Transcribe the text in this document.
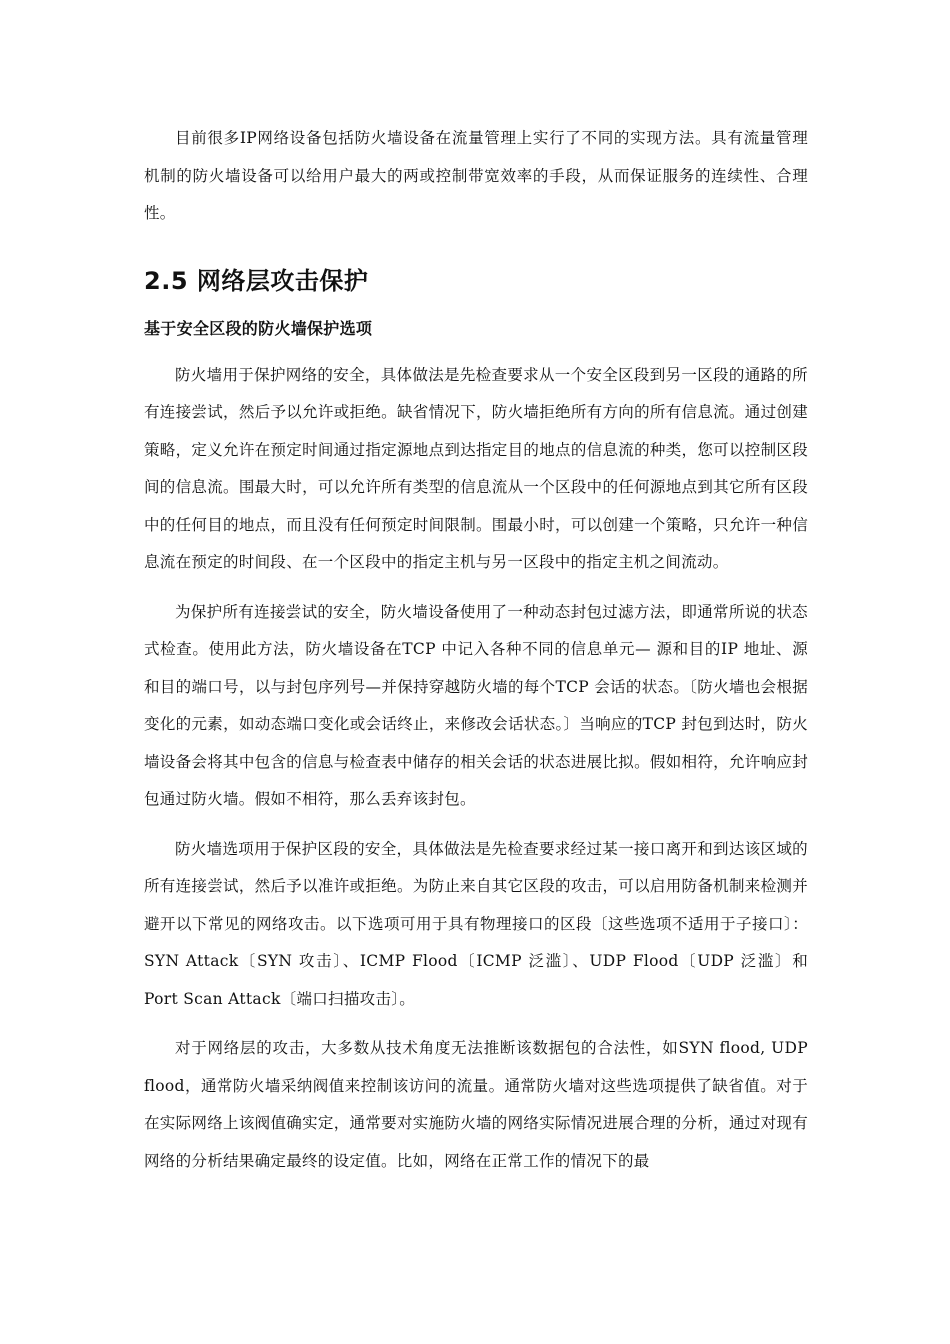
目前很多IP网络设备包括防火墙设备在流量管理上实行了不同的实现方法。具有流量管理机制的防火墙设备可以给用户最大的两或控制带宽效率的手段，从而保证服务的连续性、合理性。

2.5 网络层攻击保护
基于安全区段的防火墙保护选项

防火墙用于保护网络的安全，具体做法是先检查要求从一个安全区段到另一区段的通路的所有连接尝试，然后予以允许或拒绝。缺省情况下，防火墙拒绝所有方向的所有信息流。通过创建策略，定义允许在预定时间通过指定源地点到达指定目的地点的信息流的种类，您可以控制区段间的信息流。围最大时，可以允许所有类型的信息流从一个区段中的任何源地点到其它所有区段中的任何目的地点，而且没有任何预定时间限制。围最小时，可以创建一个策略，只允许一种信息流在预定的时间段、在一个区段中的指定主机与另一区段中的指定主机之间流动。

为保护所有连接尝试的安全，防火墙设备使用了一种动态封包过滤方法，即通常所说的状态式检查。使用此方法，防火墙设备在TCP 中记入各种不同的信息单元— 源和目的IP 地址、源和目的端口号，以与封包序列号—并保持穿越防火墙的每个TCP 会话的状态。〔防火墙也会根据变化的元素，如动态端口变化或会话终止，来修改会话状态。〕当响应的TCP 封包到达时，防火墙设备会将其中包含的信息与检查表中储存的相关会话的状态进展比拟。假如相符，允许响应封包通过防火墙。假如不相符，那么丢弃该封包。

防火墙选项用于保护区段的安全，具体做法是先检查要求经过某一接口离开和到达该区域的所有连接尝试，然后予以准许或拒绝。为防止来自其它区段的攻击，可以启用防备机制来检测并避开以下常见的网络攻击。以下选项可用于具有物理接口的区段〔这些选项不适用于子接口〕：SYN Attack〔SYN 攻击〕、ICMP Flood〔ICMP 泛滥〕、UDP Flood〔UDP 泛滥〕和Port Scan Attack〔端口扫描攻击〕。

对于网络层的攻击，大多数从技术角度无法推断该数据包的合法性，如SYN flood, UDP flood，通常防火墙采纳阀值来控制该访问的流量。通常防火墙对这些选项提供了缺省值。对于在实际网络上该阀值确实定，通常要对实施防火墙的网络实际情况进展合理的分析，通过对现有网络的分析结果确定最终的设定值。比如，网络在正常工作的情况下的最
